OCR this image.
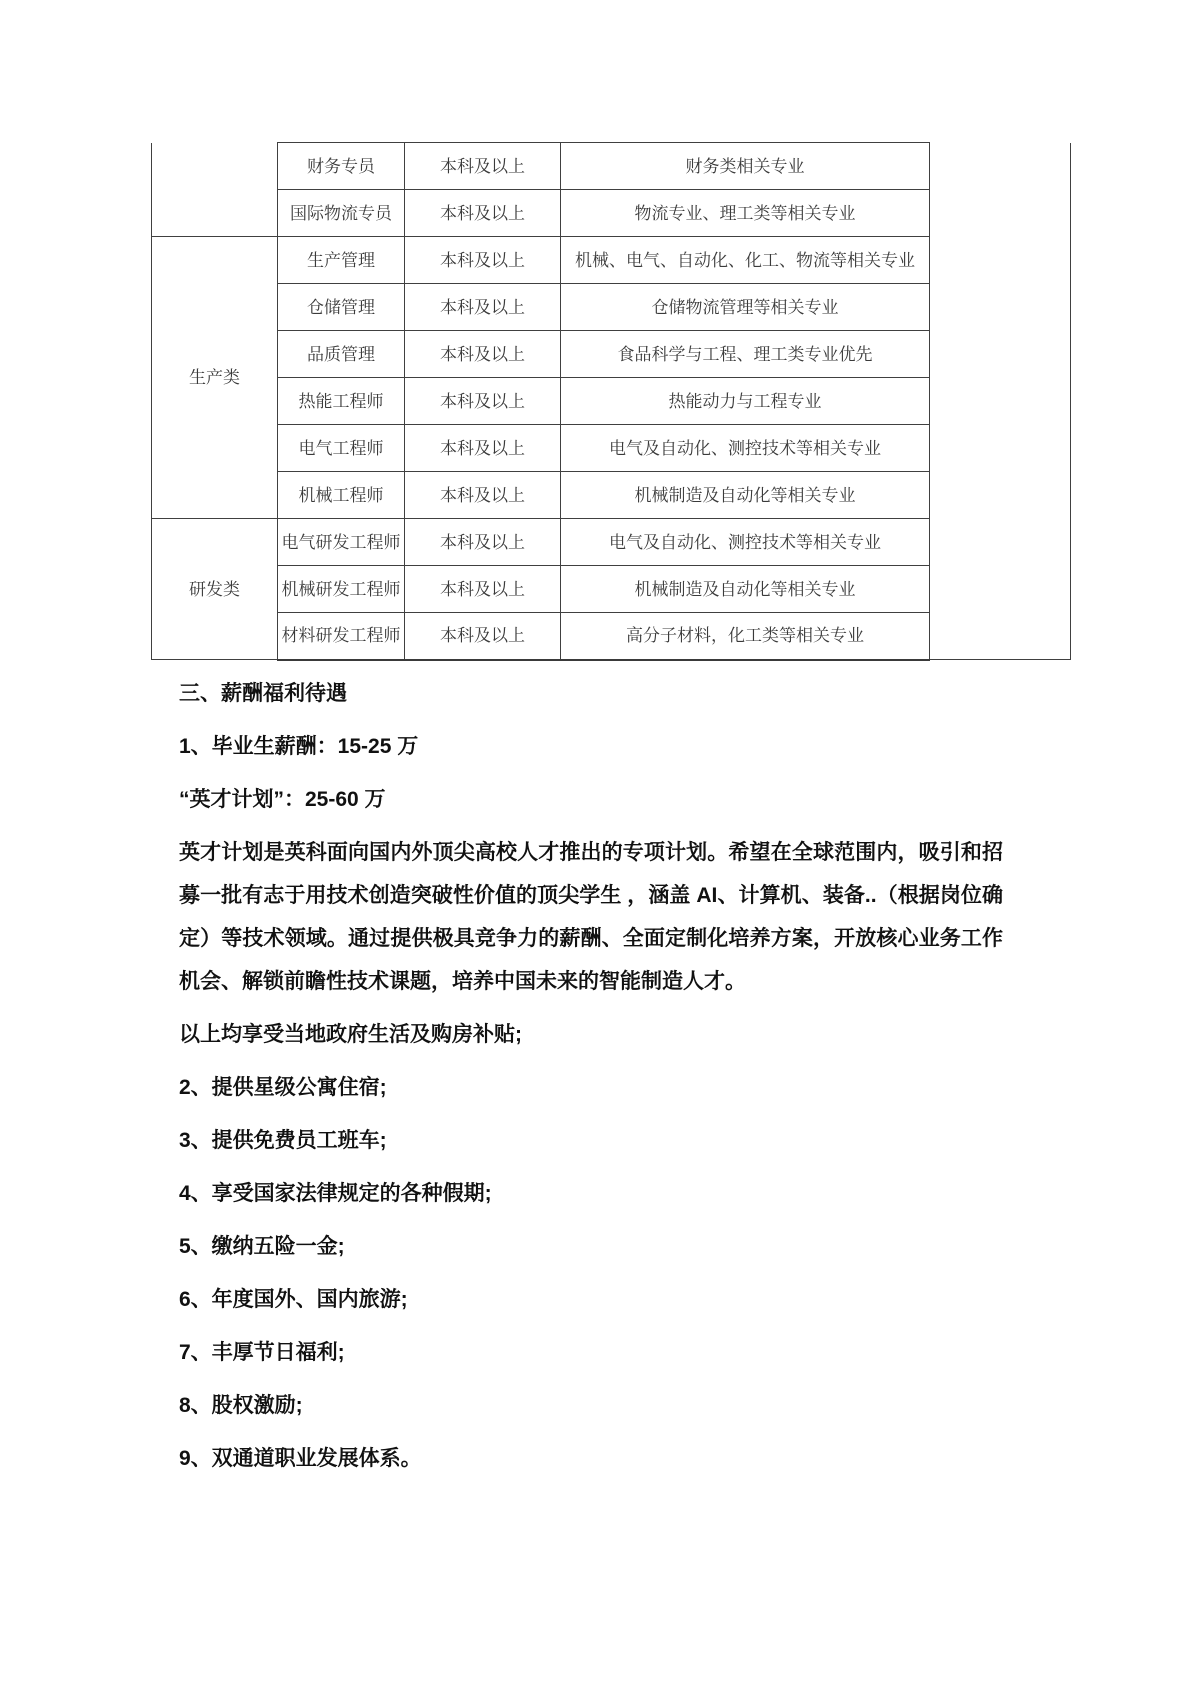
	财务专员	本科及以上	财务类相关专业	
	国际物流专员	本科及以上	物流专业、理工类等相关专业	
生产类	生产管理	本科及以上	机械、电气、自动化、化工、物流等相关专业	
	仓储管理	本科及以上	仓储物流管理等相关专业	
	品质管理	本科及以上	食品科学与工程、理工类专业优先	
	热能工程师	本科及以上	热能动力与工程专业	
	电气工程师	本科及以上	电气及自动化、测控技术等相关专业	
	机械工程师	本科及以上	机械制造及自动化等相关专业	
研发类	电气研发工程师	本科及以上	电气及自动化、测控技术等相关专业	
	机械研发工程师	本科及以上	机械制造及自动化等相关专业	
	材料研发工程师	本科及以上	高分子材料，化工类等相关专业	

三、薪酬福利待遇

1、毕业生薪酬：15-25 万

“英才计划”：25-60 万

英才计划是英科面向国内外顶尖高校人才推出的专项计划。希望在全球范围内，吸引和招募一批有志于用技术创造突破性价值的顶尖学生 ，涵盖 AI、计算机、装备..（根据岗位确定）等技术领域。通过提供极具竞争力的薪酬、全面定制化培养方案，开放核心业务工作机会、解锁前瞻性技术课题，培养中国未来的智能制造人才。

以上均享受当地政府生活及购房补贴;

2、提供星级公寓住宿;

3、提供免费员工班车;

4、享受国家法律规定的各种假期;

5、缴纳五险一金;

6、年度国外、国内旅游;

7、丰厚节日福利;

8、股权激励;

9、双通道职业发展体系。
